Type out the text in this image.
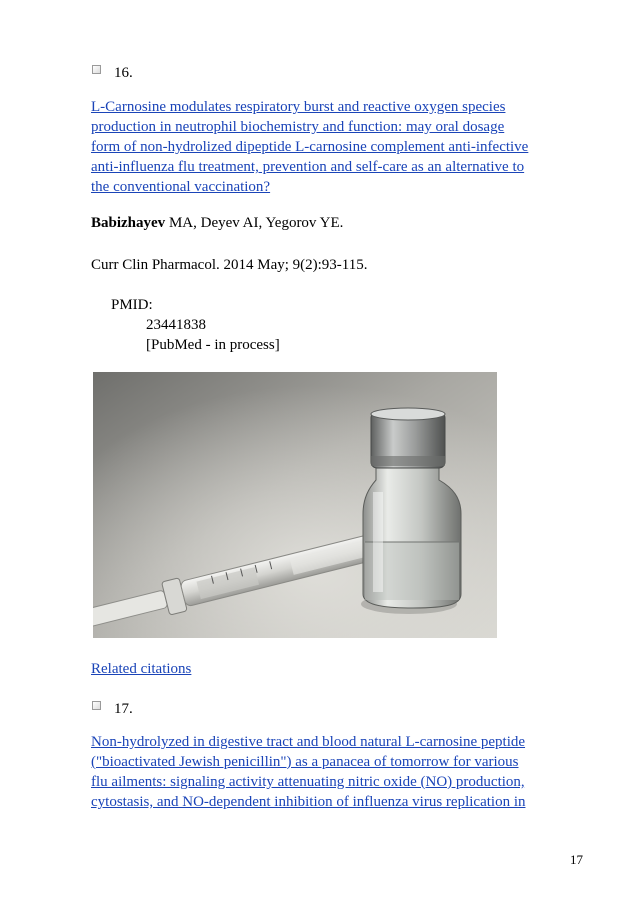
16.
L-Carnosine modulates respiratory burst and reactive oxygen species
production in neutrophil biochemistry and function: may oral dosage
form of non-hydrolized dipeptide L-carnosine complement anti-infective
anti-influenza flu treatment, prevention and self-care as an alternative to
the conventional vaccination?
Babizhayev MA, Deyev AI, Yegorov YE.
Curr Clin Pharmacol. 2014 May; 9(2):93-115.
PMID:
23441838
[PubMed - in process]
Related citations
17.
Non-hydrolyzed in digestive tract and blood natural L-carnosine peptide
("bioactivated Jewish penicillin") as a panacea of tomorrow for various
flu ailments: signaling activity attenuating nitric oxide (NO) production,
cytostasis, and NO-dependent inhibition of influenza virus replication in
17
